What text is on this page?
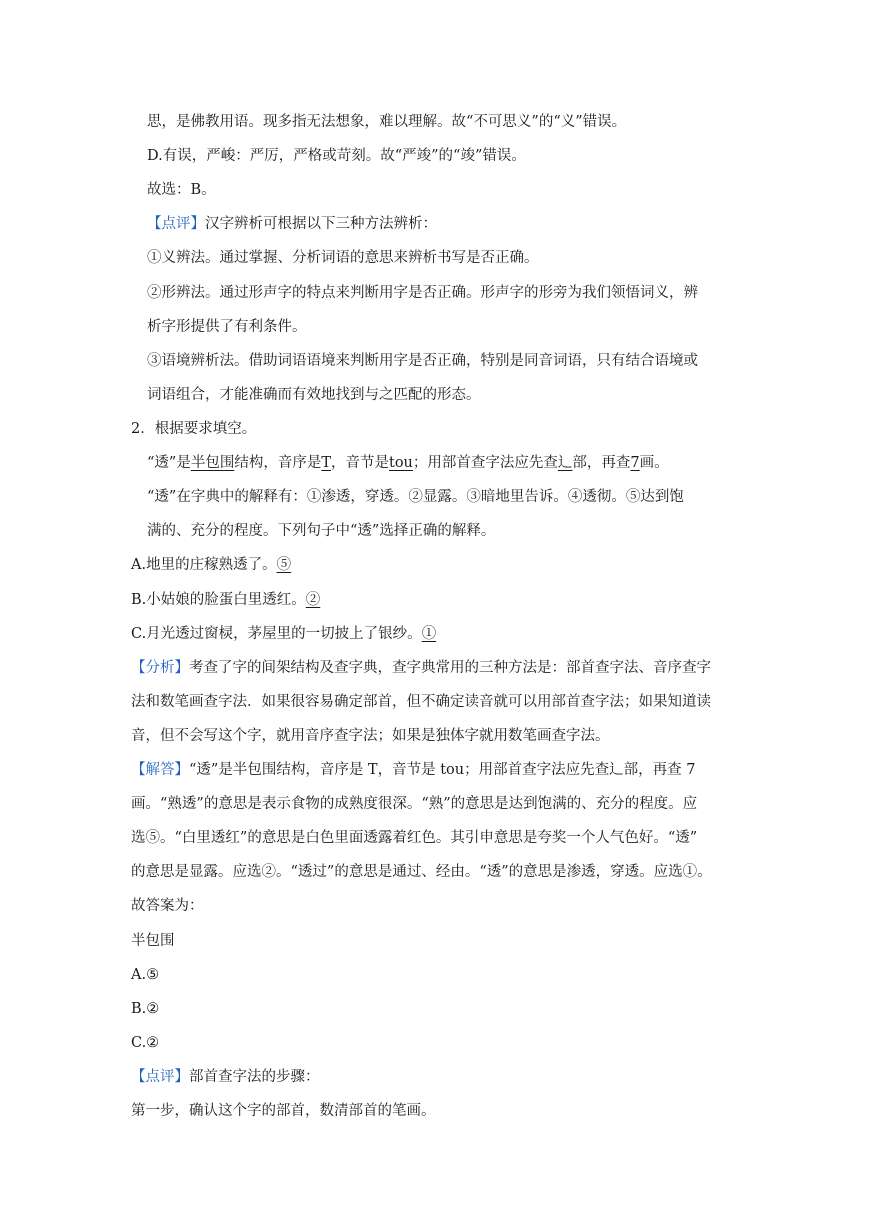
思，是佛教用语。现多指无法想象，难以理解。故“不可思义”的“义”错误。
D.有误，严峻：严厉，严格或苛刻。故“严竣”的“竣”错误。
故选：B。
【点评】汉字辨析可根据以下三种方法辨析：
①义辨法。通过掌握、分析词语的意思来辨析书写是否正确。
②形辨法。通过形声字的特点来判断用字是否正确。形声字的形旁为我们领悟词义，辨
析字形提供了有利条件。
③语境辨析法。借助词语语境来判断用字是否正确，特别是同音词语，只有结合语境或
词语组合，才能准确而有效地找到与之匹配的形态。
2．根据要求填空。
“透”是半包围结构，音序是T，音节是tou；用部首查字法应先查辶部，再查7画。
“透”在字典中的解释有：①渗透，穿透。②显露。③暗地里告诉。④透彻。⑤达到饱
满的、充分的程度。下列句子中“透”选择正确的解释。
A.地里的庄稼熟透了。⑤
B.小姑娘的脸蛋白里透红。②
C.月光透过窗棂，茅屋里的一切披上了银纱。①
【分析】考查了字的间架结构及查字典，查字典常用的三种方法是：部首查字法、音序查字
法和数笔画查字法．如果很容易确定部首，但不确定读音就可以用部首查字法；如果知道读
音，但不会写这个字，就用音序查字法；如果是独体字就用数笔画查字法。
【解答】“透”是半包围结构，音序是 T，音节是 tou；用部首查字法应先查辶部，再查 7
画。“熟透”的意思是表示食物的成熟度很深。“熟”的意思是达到饱满的、充分的程度。应
选⑤。“白里透红”的意思是白色里面透露着红色。其引申意思是夸奖一个人气色好。“透”
的意思是显露。应选②。“透过”的意思是通过、经由。“透”的意思是渗透，穿透。应选①。
故答案为：
半包围
A.⑤
B.②
C.②
【点评】部首查字法的步骤：
第一步，确认这个字的部首，数清部首的笔画。
